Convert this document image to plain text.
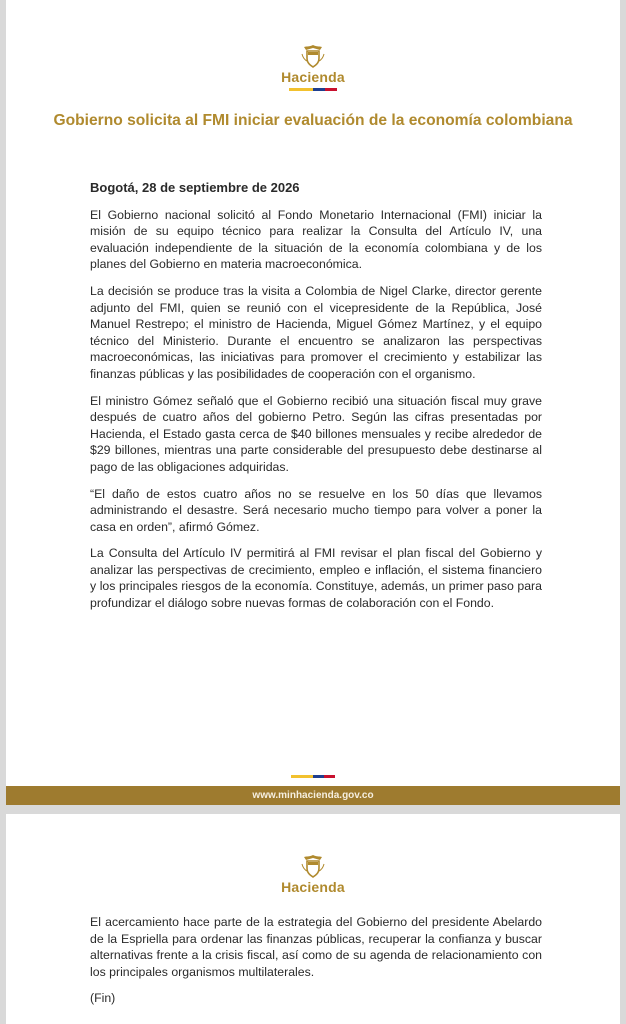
Hacienda
Gobierno solicita al FMI iniciar evaluación de la economía colombiana
Bogotá, 28 de septiembre de 2026

El Gobierno nacional solicitó al Fondo Monetario Internacional (FMI) iniciar la misión de su equipo técnico para realizar la Consulta del Artículo IV, una evaluación independiente de la situación de la economía colombiana y de los planes del Gobierno en materia macroeconómica.

La decisión se produce tras la visita a Colombia de Nigel Clarke, director gerente adjunto del FMI, quien se reunió con el vicepresidente de la República, José Manuel Restrepo; el ministro de Hacienda, Miguel Gómez Martínez, y el equipo técnico del Ministerio. Durante el encuentro se analizaron las perspectivas macroeconómicas, las iniciativas para promover el crecimiento y estabilizar las finanzas públicas y las posibilidades de cooperación con el organismo.

El ministro Gómez señaló que el Gobierno recibió una situación fiscal muy grave después de cuatro años del gobierno Petro. Según las cifras presentadas por Hacienda, el Estado gasta cerca de $40 billones mensuales y recibe alrededor de $29 billones, mientras una parte considerable del presupuesto debe destinarse al pago de las obligaciones adquiridas.

“El daño de estos cuatro años no se resuelve en los 50 días que llevamos administrando el desastre. Será necesario mucho tiempo para volver a poner la casa en orden”, afirmó Gómez.

La Consulta del Artículo IV permitirá al FMI revisar el plan fiscal del Gobierno y analizar las perspectivas de crecimiento, empleo e inflación, el sistema financiero y los principales riesgos de la economía. Constituye, además, un primer paso para profundizar el diálogo sobre nuevas formas de colaboración con el Fondo.

www.minhacienda.gov.co
Hacienda

El acercamiento hace parte de la estrategia del Gobierno del presidente Abelardo de la Espriella para ordenar las finanzas públicas, recuperar la confianza y buscar alternativas frente a la crisis fiscal, así como de su agenda de relacionamiento con los principales organismos multilaterales.

(Fin)
